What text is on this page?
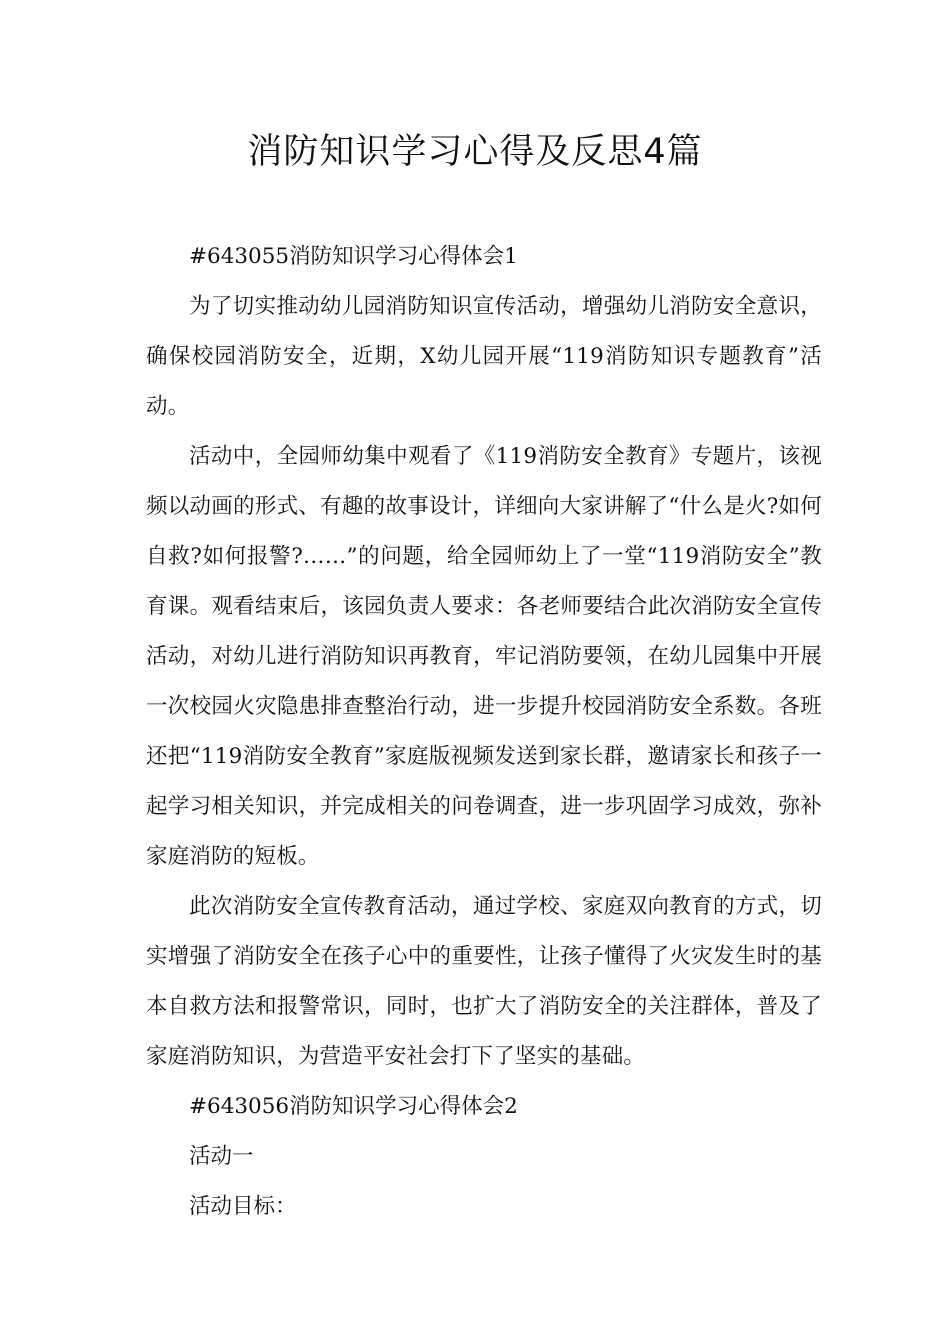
消防知识学习心得及反思4篇

#643055消防知识学习心得体会1

为了切实推动幼儿园消防知识宣传活动，增强幼儿消防安全意识，确保校园消防安全，近期，X幼儿园开展“119消防知识专题教育”活动。

活动中，全园师幼集中观看了《119消防安全教育》专题片，该视频以动画的形式、有趣的故事设计，详细向大家讲解了“什么是火?如何自救?如何报警?……”的问题，给全园师幼上了一堂“119消防安全”教育课。观看结束后，该园负责人要求：各老师要结合此次消防安全宣传活动，对幼儿进行消防知识再教育，牢记消防要领，在幼儿园集中开展一次校园火灾隐患排查整治行动，进一步提升校园消防安全系数。各班还把“119消防安全教育”家庭版视频发送到家长群，邀请家长和孩子一起学习相关知识，并完成相关的问卷调查，进一步巩固学习成效，弥补家庭消防的短板。

此次消防安全宣传教育活动，通过学校、家庭双向教育的方式，切实增强了消防安全在孩子心中的重要性，让孩子懂得了火灾发生时的基本自救方法和报警常识，同时，也扩大了消防安全的关注群体，普及了家庭消防知识，为营造平安社会打下了坚实的基础。

#643056消防知识学习心得体会2

活动一

活动目标：
